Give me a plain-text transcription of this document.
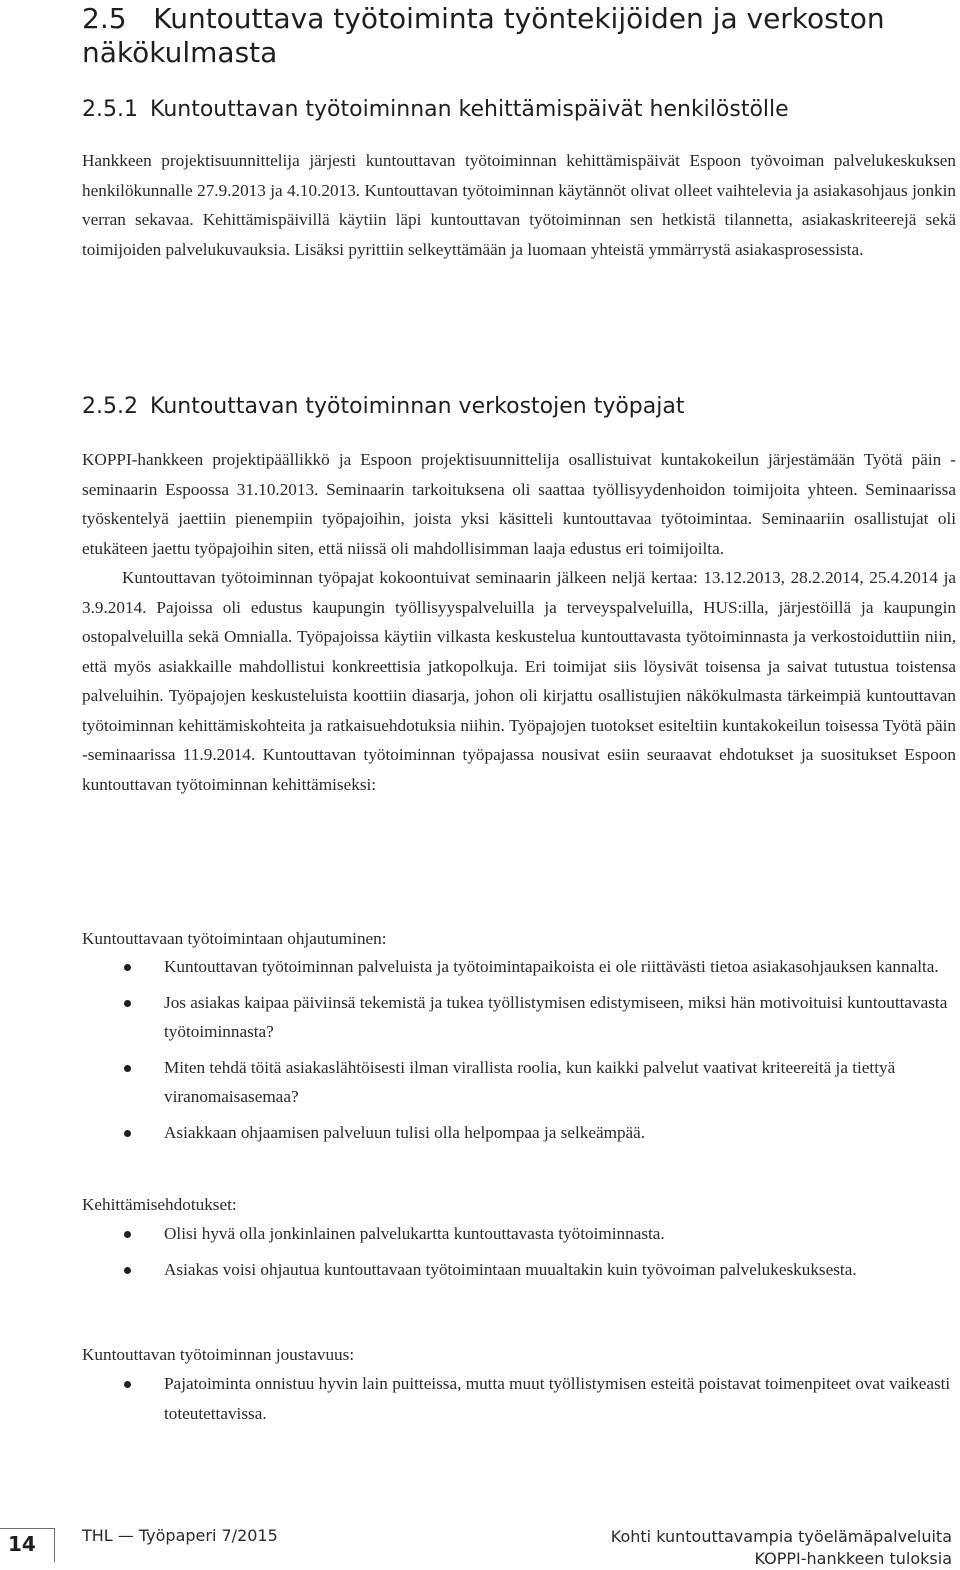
2.5 Kuntouttava työtoiminta työntekijöiden ja verkoston näkökulmasta
2.5.1 Kuntouttavan työtoiminnan kehittämispäivät henkilöstölle

Hankkeen projektisuunnittelija järjesti kuntouttavan työtoiminnan kehittämispäivät Espoon työvoiman palvelukeskuksen henkilökunnalle 27.9.2013 ja 4.10.2013. Kuntouttavan työtoiminnan käytännöt olivat olleet vaihtelevia ja asiakasohjaus jonkin verran sekavaa. Kehittämispäivillä käytiin läpi kuntouttavan työtoiminnan sen hetkistä tilannetta, asiakaskriteerejä sekä toimijoiden palvelukuvauksia. Lisäksi pyrittiin selkeyttämään ja luomaan yhteistä ymmärrystä asiakasprosessista.

2.5.2 Kuntouttavan työtoiminnan verkostojen työpajat

KOPPI-hankkeen projektipäällikkö ja Espoon projektisuunnittelija osallistuivat kuntakokeilun järjestämään Työtä päin -seminaarin Espoossa 31.10.2013. Seminaarin tarkoituksena oli saattaa työllisyydenhoidon toimijoita yhteen. Seminaarissa työskentelyä jaettiin pienempiin työpajoihin, joista yksi käsitteli kuntouttavaa työtoimintaa. Seminaariin osallistujat oli etukäteen jaettu työpajoihin siten, että niissä oli mahdollisimman laaja edustus eri toimijoilta.

Kuntouttavan työtoiminnan työpajat kokoontuivat seminaarin jälkeen neljä kertaa: 13.12.2013, 28.2.2014, 25.4.2014 ja 3.9.2014. Pajoissa oli edustus kaupungin työllisyyspalveluilla ja terveyspalveluilla, HUS:illa, järjestöillä ja kaupungin ostopalveluilla sekä Omnialla. Työpajoissa käytiin vilkasta keskustelua kuntouttavasta työtoiminnasta ja verkostoiduttiin niin, että myös asiakkaille mahdollistui konkreettisia jatkopolkuja. Eri toimijat siis löysivät toisensa ja saivat tutustua toistensa palveluihin. Työpajojen keskusteluista koottiin diasarja, johon oli kirjattu osallistujien näkökulmasta tärkeimpiä kuntouttavan työtoiminnan kehittämiskohteita ja ratkaisuehdotuksia niihin. Työpajojen tuotokset esiteltiin kuntakokeilun toisessa Työtä päin -seminaarissa 11.9.2014. Kuntouttavan työtoiminnan työpajassa nousivat esiin seuraavat ehdotukset ja suositukset Espoon kuntouttavan työtoiminnan kehittämiseksi:

Kuntouttavaan työtoimintaan ohjautuminen:

Kuntouttavan työtoiminnan palveluista ja työtoimintapaikoista ei ole riittävästi tietoa asiakasohjauksen kannalta.
Jos asiakas kaipaa päiviinsä tekemistä ja tukea työllistymisen edistymiseen, miksi hän motivoituisi kuntouttavasta työtoiminnasta?
Miten tehdä töitä asiakaslähtöisesti ilman virallista roolia, kun kaikki palvelut vaativat kriteereitä ja tiettyä viranomaisasemaa?
Asiakkaan ohjaamisen palveluun tulisi olla helpompaa ja selkeämpää.

Kehittämisehdotukset:

Olisi hyvä olla jonkinlainen palvelukartta kuntouttavasta työtoiminnasta.
Asiakas voisi ohjautua kuntouttavaan työtoimintaan muualtakin kuin työvoiman palvelukeskuksesta.

Kuntouttavan työtoiminnan joustavuus:

Pajatoiminta onnistuu hyvin lain puitteissa, mutta muut työllistymisen esteitä poistavat toimenpiteet ovat vaikeasti toteutettavissa.
14	THL — Työpaperi 7/2015	Kohti kuntouttavampia työelämäpalveluita
KOPPI-hankkeen tuloksia
